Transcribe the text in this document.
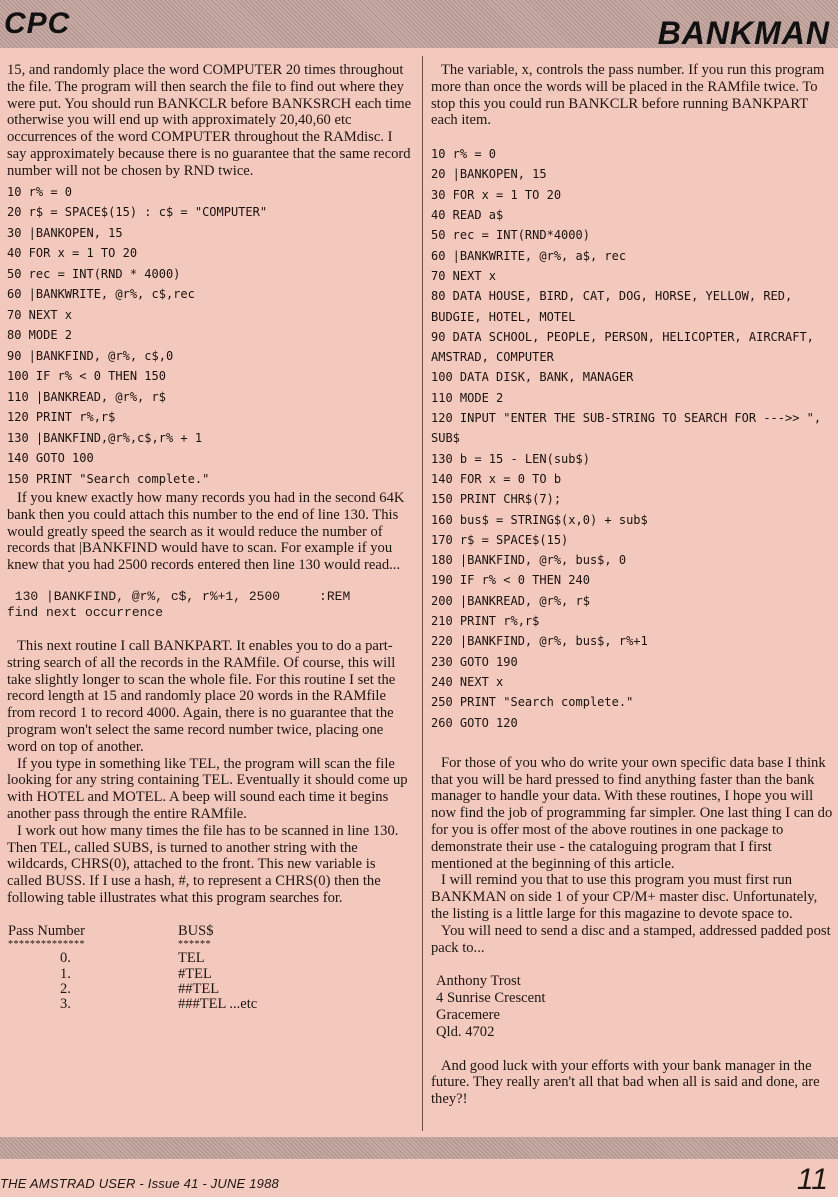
CPC	BANKMAN

15, and randomly place the word COMPUTER 20 times throughout the file. The program will then search the file to find out where they were put. You should run BANKCLR before BANKSRCH each time otherwise you will end up with approximately 20,40,60 etc occurrences of the word COMPUTER throughout the RAMdisc. I say approximately because there is no guarantee that the same record number will not be chosen by RND twice.

10 r% = 0
20 r$ = SPACE$(15) : c$ = "COMPUTER"
30 |BANKOPEN, 15
40 FOR x = 1 TO 20
50 rec = INT(RND * 4000)
60 |BANKWRITE, @r%, c$,rec
70 NEXT x
80 MODE 2
90 |BANKFIND, @r%, c$,0
100 IF r% < 0 THEN 150
110 |BANKREAD, @r%, r$
120 PRINT r%,r$
130 |BANKFIND,@r%,c$,r% + 1
140 GOTO 100
150 PRINT "Search complete."

If you knew exactly how many records you had in the second 64K bank then you could attach this number to the end of line 130. This would greatly speed the search as it would reduce the number of records that |BANKFIND would have to scan. For example if you knew that you had 2500 records entered then line 130 would read...

130 |BANKFIND, @r%, c$, r%+1, 2500     :REM
find next occurrence

This next routine I call BANKPART. It enables you to do a part-string search of all the records in the RAMfile. Of course, this will take slightly longer to scan the whole file. For this routine I set the record length at 15 and randomly place 20 words in the RAMfile from record 1 to record 4000. Again, there is no guarantee that the program won't select the same record number twice, placing one word on top of another.

If you type in something like TEL, the program will scan the file looking for any string containing TEL. Eventually it should come up with HOTEL and MOTEL. A beep will sound each time it begins another pass through the entire RAMfile.

I work out how many times the file has to be scanned in line 130. Then TEL, called SUBS, is turned to another string with the wildcards, CHRS(0), attached to the front. This new variable is called BUSS. If I use a hash, #, to represent a CHRS(0) then the following table illustrates what this program searches for.

Pass Number	BUS$
**************	******
0.	TEL
1.	#TEL
2.	##TEL
3.	###TEL ...etc

The variable, x, controls the pass number. If you run this program more than once the words will be placed in the RAMfile twice. To stop this you could run BANKCLR before running BANKPART each item.

10 r% = 0
20 |BANKOPEN, 15
30 FOR x = 1 TO 20
40 READ a$
50 rec = INT(RND*4000)
60 |BANKWRITE, @r%, a$, rec
70 NEXT x
80 DATA HOUSE, BIRD, CAT, DOG, HORSE, YELLOW, RED, BUDGIE, HOTEL, MOTEL
90 DATA SCHOOL, PEOPLE, PERSON, HELICOPTER, AIRCRAFT, AMSTRAD, COMPUTER
100 DATA DISK, BANK, MANAGER
110 MODE 2
120 INPUT "ENTER THE SUB-STRING TO SEARCH FOR --->> ", SUB$
130 b = 15 - LEN(sub$)
140 FOR x = 0 TO b
150 PRINT CHR$(7);
160 bus$ = STRING$(x,0) + sub$
170 r$ = SPACE$(15)
180 |BANKFIND, @r%, bus$, 0
190 IF r% < 0 THEN 240
200 |BANKREAD, @r%, r$
210 PRINT r%,r$
220 |BANKFIND, @r%, bus$, r%+1
230 GOTO 190
240 NEXT x
250 PRINT "Search complete."
260 GOTO 120

For those of you who do write your own specific data base I think that you will be hard pressed to find anything faster than the bank manager to handle your data. With these routines, I hope you will now find the job of programming far simpler. One last thing I can do for you is offer most of the above routines in one package to demonstrate their use - the cataloguing program that I first mentioned at the beginning of this article.

I will remind you that to use this program you must first run BANKMAN on side 1 of your CP/M+ master disc. Unfortunately, the listing is a little large for this magazine to devote space to.

You will need to send a disc and a stamped, addressed padded post pack to...

Anthony Trost
4 Sunrise Crescent
Gracemere
Qld. 4702

And good luck with your efforts with your bank manager in the future. They really aren't all that bad when all is said and done, are they?!

THE AMSTRAD USER - Issue 41 - JUNE 1988	11
